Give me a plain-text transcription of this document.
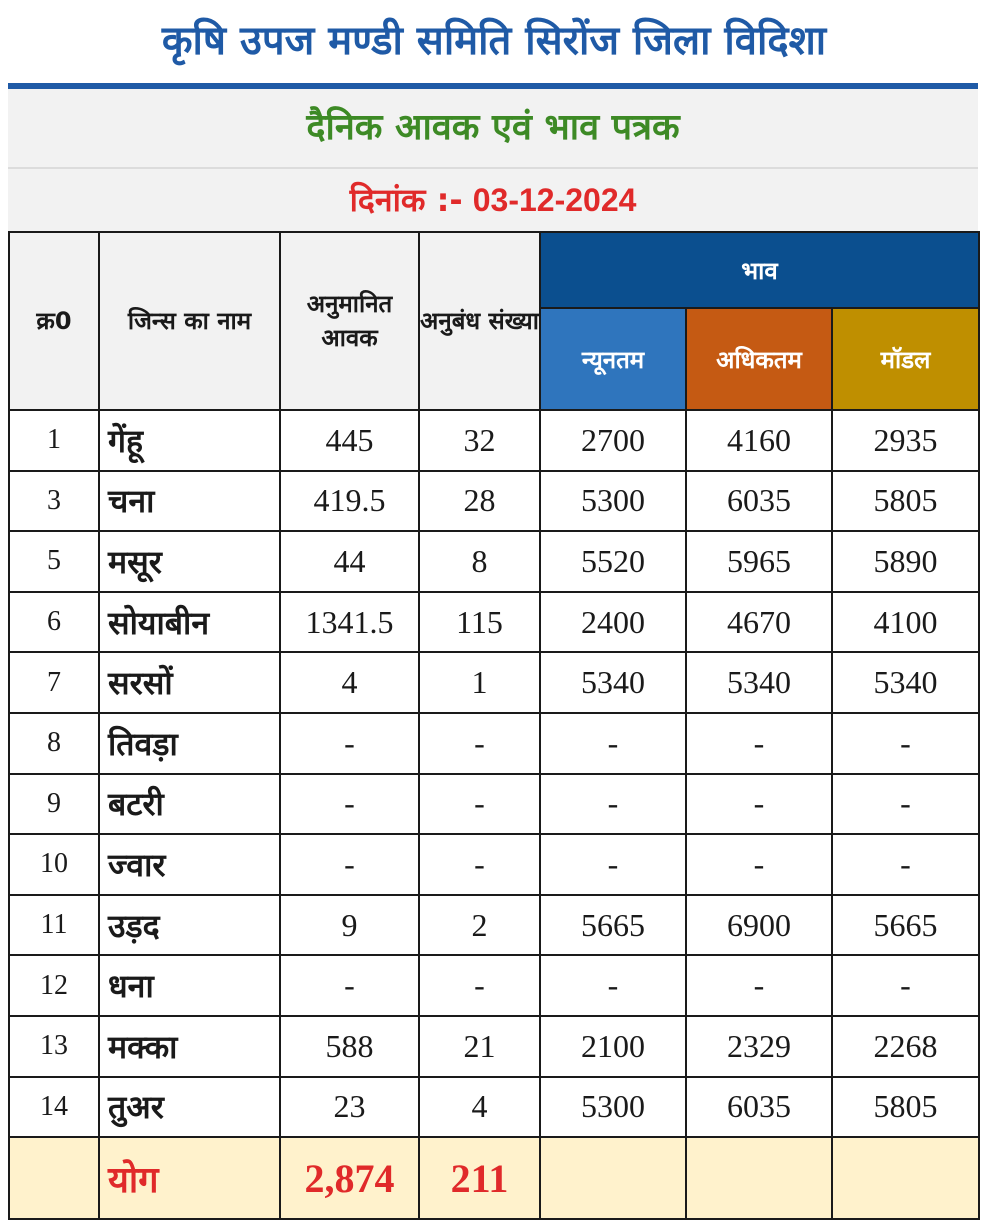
कृषि उपज मण्डी समिति सिरोंज जिला विदिशा
दैनिक आवक एवं भाव पत्रक
दिनांक :- 03-12-2024
क्र0	जिन्स का नाम	अनुमानित आवक	अनुबंध संख्या	भाव		
				न्यूनतम	अधिकतम	मॉडल
1	गेंहू	445	32	2700	4160	2935
3	चना	419.5	28	5300	6035	5805
5	मसूर	44	8	5520	5965	5890
6	सोयाबीन	1341.5	115	2400	4670	4100
7	सरसों	4	1	5340	5340	5340
8	तिवड़ा	-	-	-	-	-
9	बटरी	-	-	-	-	-
10	ज्वार	-	-	-	-	-
11	उड़द	9	2	5665	6900	5665
12	धना	-	-	-	-	-
13	मक्का	588	21	2100	2329	2268
14	तुअर	23	4	5300	6035	5805
	योग	2,874	211			
